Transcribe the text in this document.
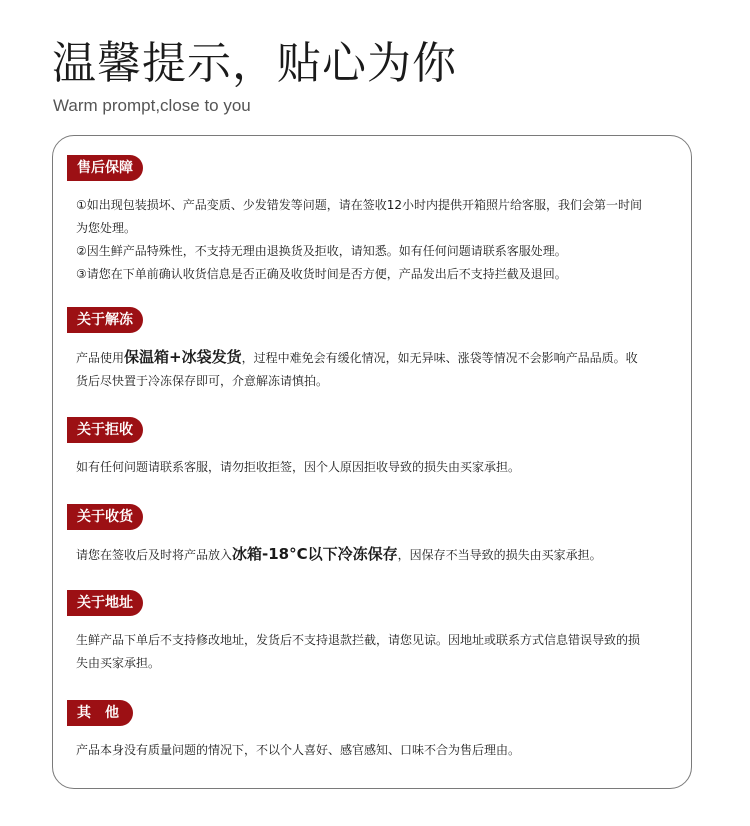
温馨提示，贴心为你
Warm prompt,close to you
售后保障
①如出现包装损坏、产品变质、少发错发等问题，请在签收12小时内提供开箱照片给客服，我们会第一时间
为您处理。
②因生鲜产品特殊性，不支持无理由退换货及拒收，请知悉。如有任何问题请联系客服处理。
③请您在下单前确认收货信息是否正确及收货时间是否方便，产品发出后不支持拦截及退回。
关于解冻
产品使用保温箱+冰袋发货，过程中难免会有缓化情况，如无异味、涨袋等情况不会影响产品品质。收
货后尽快置于冷冻保存即可，介意解冻请慎拍。
关于拒收
如有任何问题请联系客服，请勿拒收拒签，因个人原因拒收导致的损失由买家承担。
关于收货
请您在签收后及时将产品放入冰箱-18°C以下冷冻保存，因保存不当导致的损失由买家承担。
关于地址
生鲜产品下单后不支持修改地址，发货后不支持退款拦截，请您见谅。因地址或联系方式信息错误导致的损
失由买家承担。
其　他
产品本身没有质量问题的情况下，不以个人喜好、感官感知、口味不合为售后理由。
